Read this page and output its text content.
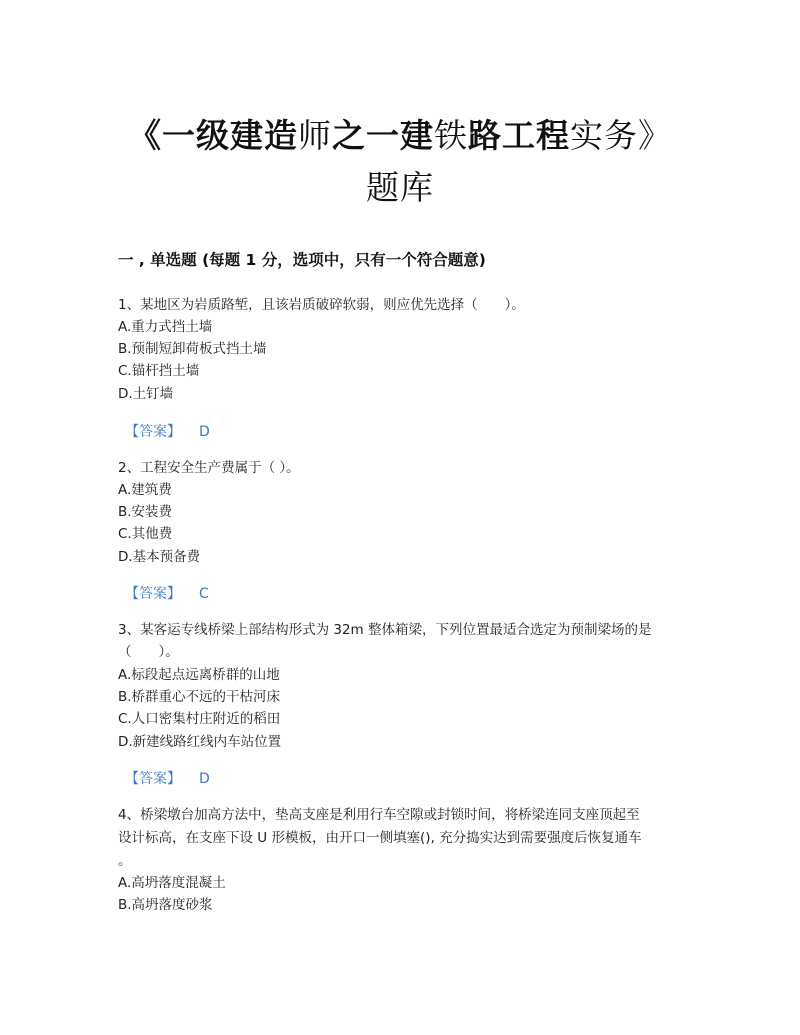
《一级建造师之一建铁路工程实务》
题库
一 , 单选题 (每题 1 分，选项中，只有一个符合题意)
1、某地区为岩质路堑，且该岩质破碎软弱，则应优先选择（　　）。
A.重力式挡土墙
B.预制短卸荷板式挡土墙
C.锚杆挡土墙
D.土钉墙
【答案】 D
2、工程安全生产费属于（ ）。
A.建筑费
B.安装费
C.其他费
D.基本预备费
【答案】 C
3、某客运专线桥梁上部结构形式为 32m 整体箱梁，下列位置最适合选定为预制梁场的是
（　　）。
A.标段起点远离桥群的山地
B.桥群重心不远的干枯河床
C.人口密集村庄附近的稻田
D.新建线路红线内车站位置
【答案】 D
4、桥梁墩台加高方法中，垫高支座是利用行车空隙或封锁时间，将桥梁连同支座顶起至
设计标高，在支座下设 U 形模板，由开口一侧填塞(), 充分捣实达到需要强度后恢复通车
。
A.高坍落度混凝土
B.高坍落度砂浆
